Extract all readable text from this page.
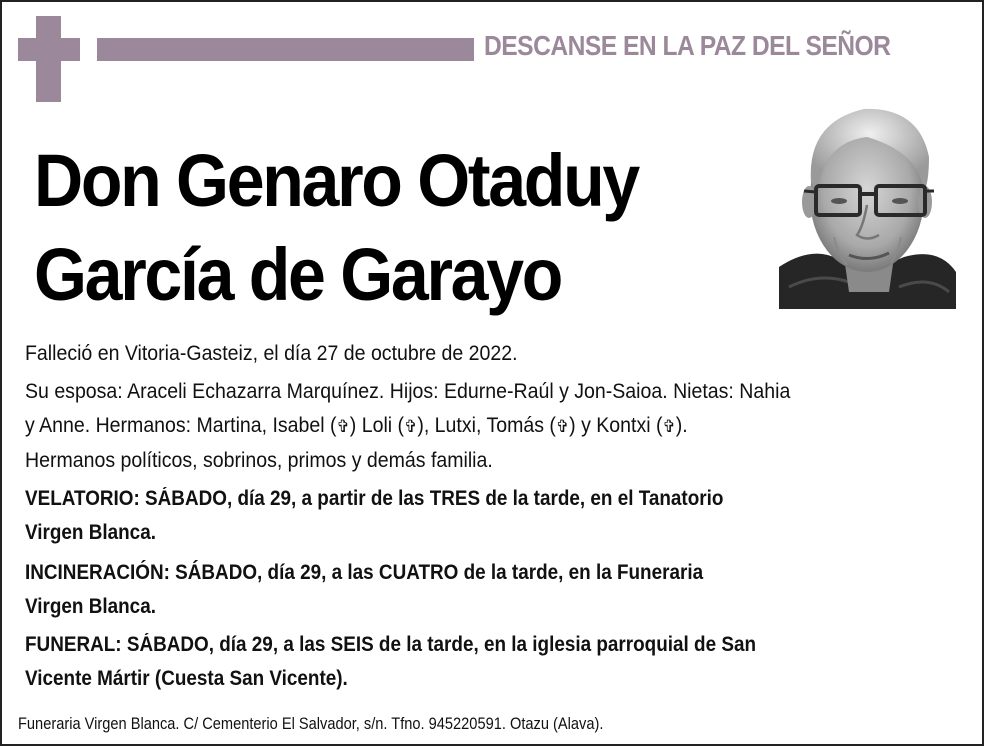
DESCANSE EN LA PAZ DEL SEÑOR
Don Genaro Otaduy
García de Garayo

Falleció en Vitoria-Gasteiz, el día 27 de octubre de 2022.

Su esposa: Araceli Echazarra Marquínez. Hijos: Edurne-Raúl y Jon-Saioa. Nietas: Nahia

y Anne. Hermanos: Martina, Isabel (✞) Loli (✞), Lutxi, Tomás (✞) y Kontxi (✞).

Hermanos políticos, sobrinos, primos y demás familia.

VELATORIO: SÁBADO, día 29, a partir de las TRES de la tarde, en el Tanatorio

Virgen Blanca.

INCINERACIÓN: SÁBADO, día 29, a las CUATRO de la tarde, en la Funeraria

Virgen Blanca.

FUNERAL: SÁBADO, día 29, a las SEIS de la tarde, en la iglesia parroquial de San

Vicente Mártir (Cuesta San Vicente).

Funeraria Virgen Blanca. C/ Cementerio El Salvador, s/n. Tfno. 945220591. Otazu (Alava).
